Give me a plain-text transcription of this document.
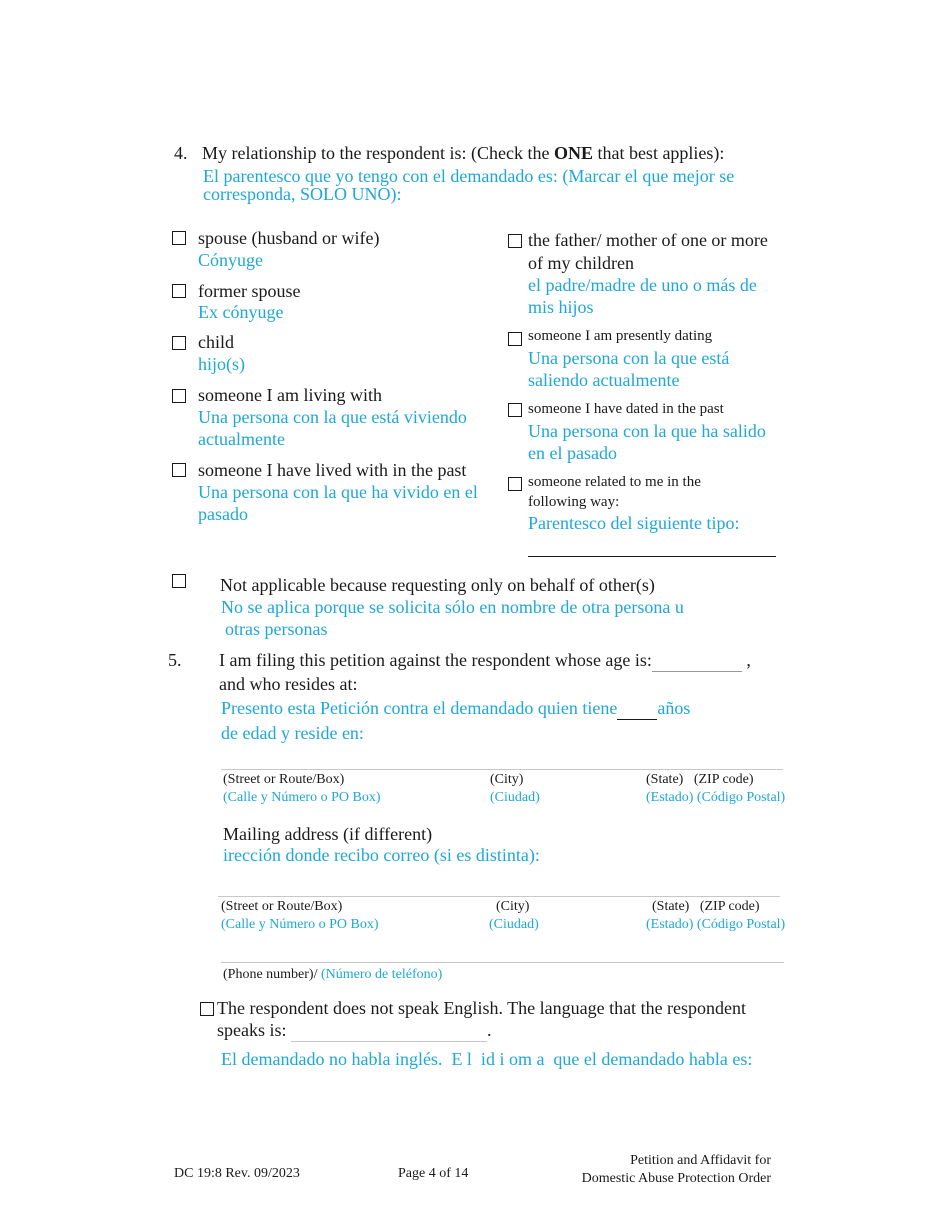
4. My relationship to the respondent is: (Check the ONE that best applies):
El parentesco que yo tengo con el demandado es: (Marcar el que mejor se
corresponda, SOLO UNO):
spouse (husband or wife)
Cónyuge
former spouse
Ex cónyuge
child
hijo(s)
someone I am living with
Una persona con la que está viviendo
actualmente
someone I have lived with in the past
Una persona con la que ha vivido en el
pasado
the father/ mother of one or more
of my children
el padre/madre de uno o más de
mis hijos
someone I am presently dating
Una persona con la que está
saliendo actualmente
someone I have dated in the past
Una persona con la que ha salido
en el pasado
someone related to me in the
following way:
Parentesco del siguiente tipo:
Not applicable because requesting only on behalf of other(s)
No se aplica porque se solicita sólo en nombre de otra persona u
otras personas
5. I am filing this petition against the respondent whose age is:	,
and who resides at:
Presento esta Petición contra el demandado quien tiene años
de edad y reside en:
(Street or Route/Box)
(Calle y Número o PO Box)
(City)
(Ciudad)
(State)   (ZIP code)
(Estado) (Código Postal)
Mailing address (if different)
irección donde recibo correo (si es distinta):
(Street or Route/Box)
(Calle y Número o PO Box)
(City)
(Ciudad)
(State)   (ZIP code)
(Estado) (Código Postal)
(Phone number)/ (Número de teléfono)
The respondent does not speak English. The language that the respondent
speaks is:	.
El demandado no habla inglés.  E l  id i om a  que el demandado habla es:
DC 19:8 Rev. 09/2023	Page 4 of 14
Petition and Affidavit for
Domestic Abuse Protection Order
